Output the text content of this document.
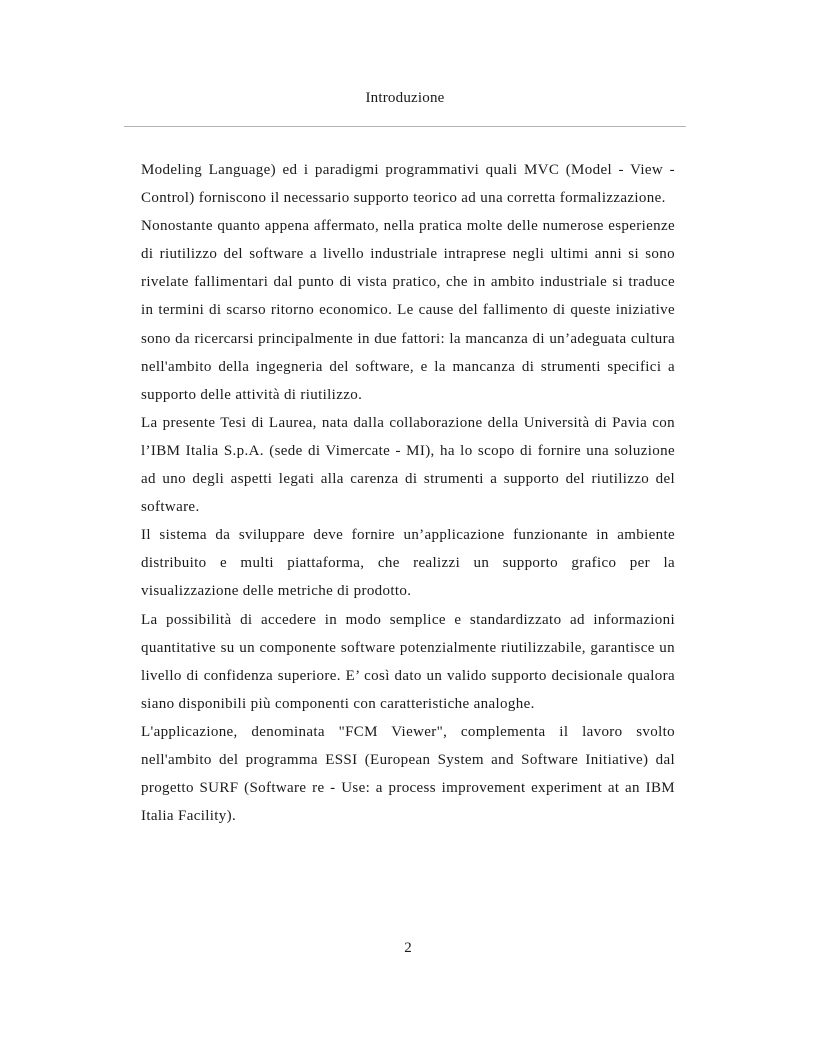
Introduzione

Modeling Language) ed i paradigmi programmativi quali MVC (Model - View - Control) forniscono il necessario supporto teorico ad una corretta formalizzazione.

Nonostante quanto appena affermato, nella pratica molte delle numerose esperienze di riutilizzo del software a livello industriale intraprese negli ultimi anni si sono rivelate fallimentari dal punto di vista pratico, che in ambito industriale si traduce in termini di scarso ritorno economico. Le cause del fallimento di queste iniziative sono da ricercarsi principalmente in due fattori: la mancanza di un’adeguata cultura nell'ambito della ingegneria del software, e la mancanza di strumenti specifici a supporto delle attività di riutilizzo.

La presente Tesi di Laurea, nata dalla collaborazione della Università di Pavia con l’IBM Italia S.p.A. (sede di Vimercate - MI), ha lo scopo di fornire una soluzione ad uno degli aspetti legati alla carenza di strumenti a supporto del riutilizzo del software.

Il sistema da sviluppare deve fornire un’applicazione funzionante in ambiente distribuito e multi piattaforma, che realizzi un supporto grafico per la visualizzazione delle metriche di prodotto.

La possibilità di accedere in modo semplice e standardizzato ad informazioni quantitative su un componente software potenzialmente riutilizzabile, garantisce un livello di confidenza superiore. E’ così dato un valido supporto decisionale qualora siano disponibili più componenti con caratteristiche analoghe.

L'applicazione, denominata "FCM Viewer", complementa il lavoro svolto nell'ambito del programma ESSI (European System and Software Initiative) dal progetto SURF (Software re - Use: a process improvement experiment at an IBM Italia Facility).

2
